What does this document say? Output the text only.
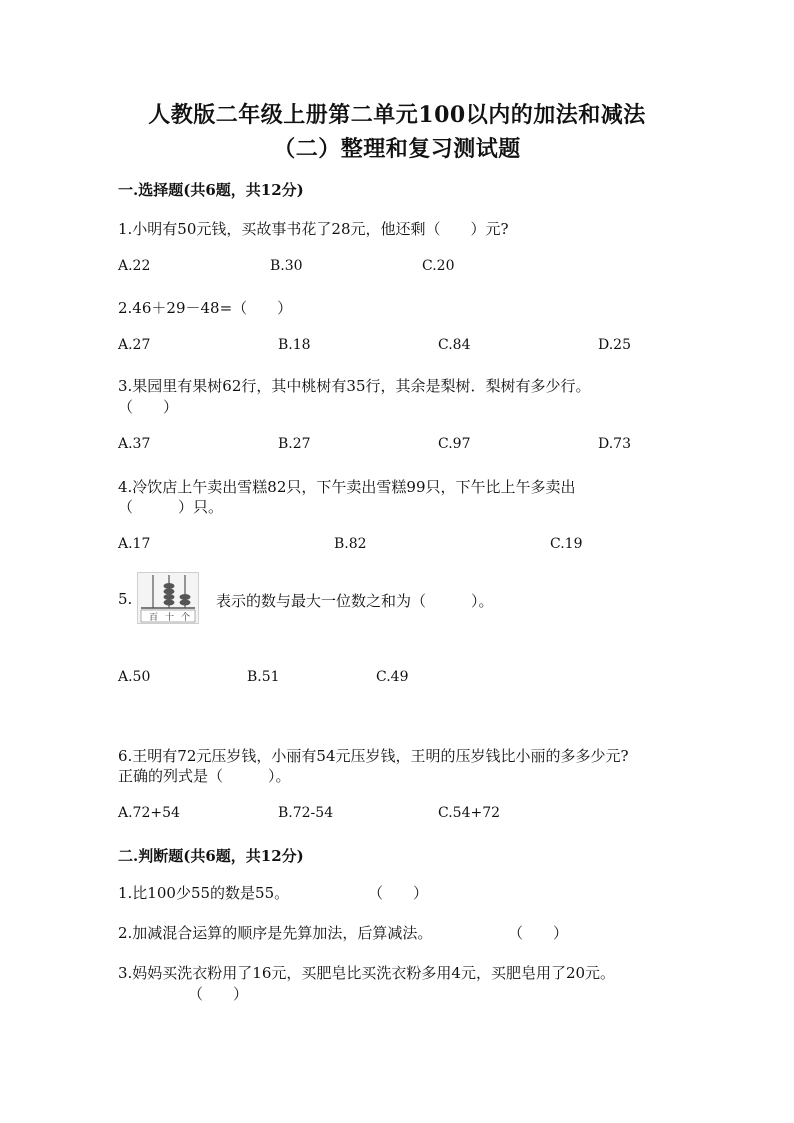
人教版二年级上册第二单元100以内的加法和减法
（二）整理和复习测试题
一.选择题(共6题，共12分)
1.小明有50元钱，买故事书花了28元，他还剩（　　）元?
A.22	B.30	C.20
2.46＋29－48=（　　）
A.27	B.18	C.84	D.25
3.果园里有果树62行，其中桃树有35行，其余是梨树．梨树有多少行。
（　　）
A.37	B.27	C.97	D.73
4.冷饮店上午卖出雪糕82只，下午卖出雪糕99只，下午比上午多卖出
（　　　）只。
A.17	B.82	C.19
5.
百 十 个
表示的数与最大一位数之和为（　　　）。
A.50	B.51	C.49
6.王明有72元压岁钱，小丽有54元压岁钱，王明的压岁钱比小丽的多多少元?
正确的列式是（　　　）。
A.72+54	B.72-54	C.54+72
二.判断题(共6题，共12分)
1.比100少55的数是55。	（　　）
2.加减混合运算的顺序是先算加法，后算减法。	（　　）
3.妈妈买洗衣粉用了16元，买肥皂比买洗衣粉多用4元，买肥皂用了20元。
（　　）
